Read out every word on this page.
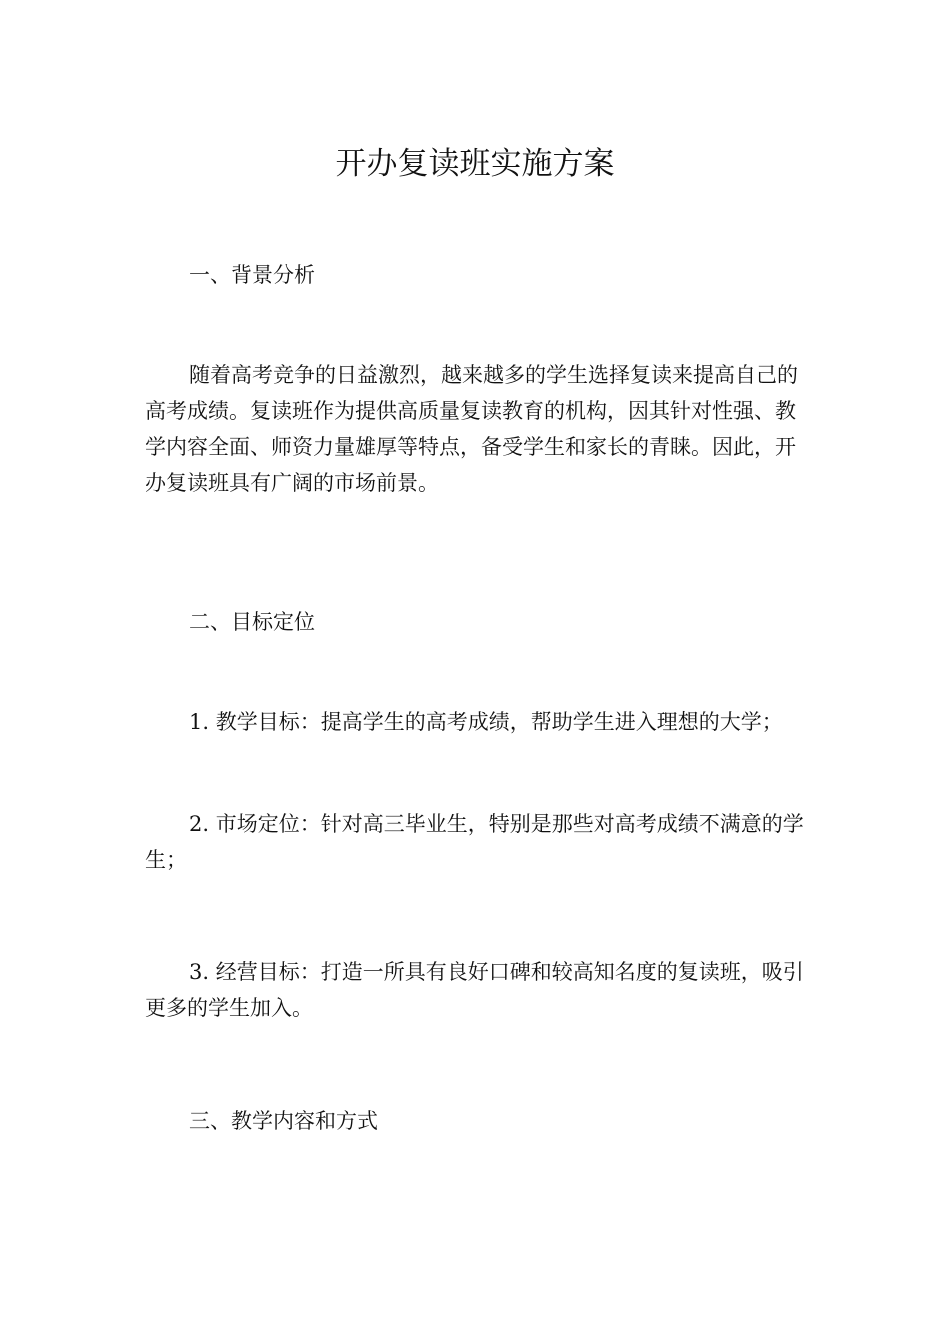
开办复读班实施方案
一、背景分析
随着高考竞争的日益激烈，越来越多的学生选择复读来提高自己的高考成绩。复读班作为提供高质量复读教育的机构，因其针对性强、教学内容全面、师资力量雄厚等特点，备受学生和家长的青睐。因此，开办复读班具有广阔的市场前景。
二、目标定位
1. 教学目标：提高学生的高考成绩，帮助学生进入理想的大学；
2. 市场定位：针对高三毕业生，特别是那些对高考成绩不满意的学生；
3. 经营目标：打造一所具有良好口碑和较高知名度的复读班，吸引更多的学生加入。
三、教学内容和方式
